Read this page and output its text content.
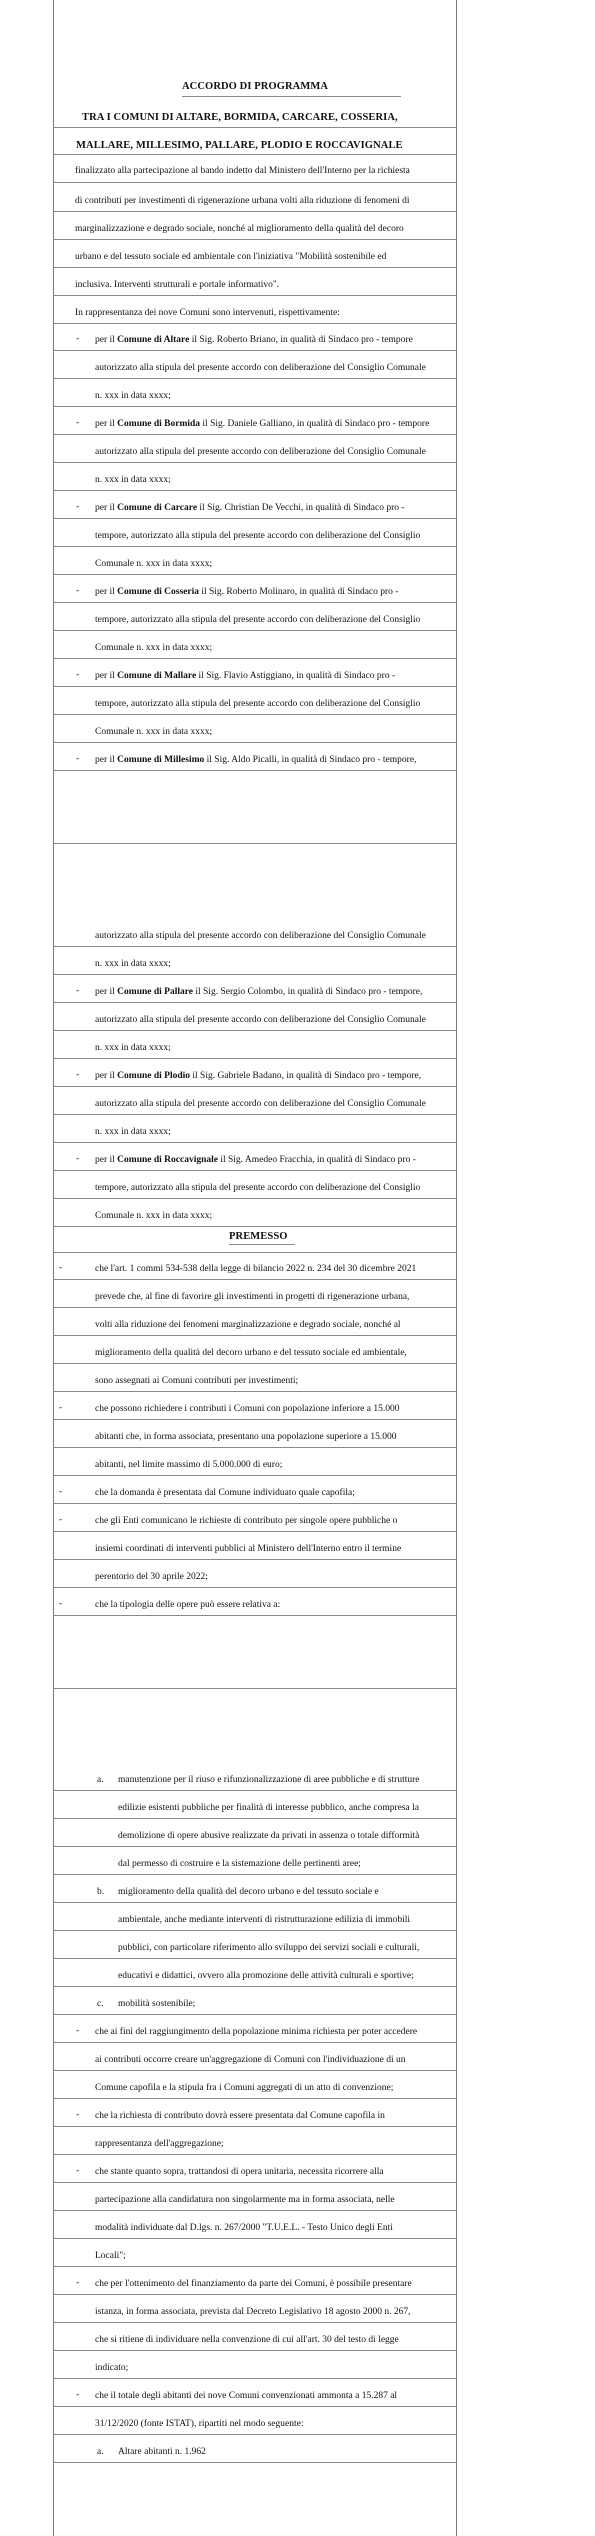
ACCORDO DI PROGRAMMA
TRA I COMUNI DI ALTARE, BORMIDA, CARCARE, COSSERIA,
MALLARE, MILLESIMO, PALLARE, PLODIO E ROCCAVIGNALE
finalizzato alla partecipazione al bando indetto dal Ministero dell'Interno per la richiesta
di contributi per investimenti di rigenerazione urbana volti alla riduzione di fenomeni di
marginalizzazione e degrado sociale, nonché al miglioramento della qualità del decoro
urbano e del tessuto sociale ed ambientale con l'iniziativa "Mobilità sostenibile ed
inclusiva. Interventi strutturali e portale informativo".
In rappresentanza dei nove Comuni sono intervenuti, rispettivamente:
- per il Comune di Altare il Sig. Roberto Briano, in qualità di Sindaco pro - tempore
autorizzato alla stipula del presente accordo con deliberazione del Consiglio Comunale
n. xxx in data xxxx;
- per il Comune di Bormida il Sig. Daniele Galliano, in qualità di Sindaco pro - tempore
autorizzato alla stipula del presente accordo con deliberazione del Consiglio Comunale
n. xxx in data xxxx;
- per il Comune di Carcare il Sig. Christian De Vecchi, in qualità di Sindaco pro -
tempore, autorizzato alla stipula del presente accordo con deliberazione del Consiglio
Comunale n. xxx in data xxxx;
- per il Comune di Cosseria il Sig. Roberto Molinaro, in qualità di Sindaco pro -
tempore, autorizzato alla stipula del presente accordo con deliberazione del Consiglio
Comunale n. xxx in data xxxx;
- per il Comune di Mallare il Sig. Flavio Astiggiano, in qualità di Sindaco pro -
tempore, autorizzato alla stipula del presente accordo con deliberazione del Consiglio
Comunale n. xxx in data xxxx;
- per il Comune di Millesimo il Sig. Aldo Picalli, in qualità di Sindaco pro - tempore,
autorizzato alla stipula del presente accordo con deliberazione del Consiglio Comunale
n. xxx in data xxxx;
- per il Comune di Pallare il Sig. Sergio Colombo, in qualità di Sindaco pro - tempore,
autorizzato alla stipula del presente accordo con deliberazione del Consiglio Comunale
n. xxx in data xxxx;
- per il Comune di Plodio il Sig. Gabriele Badano, in qualità di Sindaco pro - tempore,
autorizzato alla stipula del presente accordo con deliberazione del Consiglio Comunale
n. xxx in data xxxx;
- per il Comune di Roccavignale il Sig. Amedeo Fracchia, in qualità di Sindaco pro -
tempore, autorizzato alla stipula del presente accordo con deliberazione del Consiglio
Comunale n. xxx in data xxxx;
PREMESSO
-	che l'art. 1 commi 534-538 della legge di bilancio 2022 n. 234 del 30 dicembre 2021
prevede che, al fine di favorire gli investimenti in progetti di rigenerazione urbana,
volti alla riduzione dei fenomeni marginalizzazione e degrado sociale, nonché al
miglioramento della qualità del decoro urbano e del tessuto sociale ed ambientale,
sono assegnati ai Comuni contributi per investimenti;
-	che possono richiedere i contributi i Comuni con popolazione inferiore a 15.000
abitanti che, in forma associata, presentano una popolazione superiore a 15.000
abitanti, nel limite massimo di 5.000.000 di euro;
-	che la domanda è presentata dal Comune individuato quale capofila;
-	che gli Enti comunicano le richieste di contributo per singole opere pubbliche o
insiemi coordinati di interventi pubblici al Ministero dell'Interno entro il termine
perentorio del 30 aprile 2022;
-	che la tipologia delle opere può essere relativa a:
a. manutenzione per il riuso e rifunzionalizzazione di aree pubbliche e di strutture
edilizie esistenti pubbliche per finalità di interesse pubblico, anche compresa la
demolizione di opere abusive realizzate da privati in assenza o totale difformità
dal permesso di costruire e la sistemazione delle pertinenti aree;
b. miglioramento della qualità del decoro urbano e del tessuto sociale e
ambientale, anche mediante interventi di ristrutturazione edilizia di immobili
pubblici, con particolare riferimento allo sviluppo dei servizi sociali e culturali,
educativi e didattici, ovvero alla promozione delle attività culturali e sportive;
c. mobilità sostenibile;
- che ai fini del raggiungimento della popolazione minima richiesta per poter accedere
ai contributi occorre creare un'aggregazione di Comuni con l'individuazione di un
Comune capofila e la stipula fra i Comuni aggregati di un atto di convenzione;
- che la richiesta di contributo dovrà essere presentata dal Comune capofila in
rappresentanza dell'aggregazione;
- che stante quanto sopra, trattandosi di opera unitaria, necessita ricorrere alla
partecipazione alla candidatura non singolarmente ma in forma associata, nelle
modalità individuate dal D.lgs. n. 267/2000 "T.U.E.L. - Testo Unico degli Enti
Locali";
- che per l'ottenimento del finanziamento da parte dei Comuni, è possibile presentare
istanza, in forma associata, prevista dal Decreto Legislativo 18 agosto 2000 n. 267,
che si ritiene di individuare nella convenzione di cui all'art. 30 del testo di legge
indicato;
- che il totale degli abitanti dei nove Comuni convenzionati ammonta a 15.287 al
31/12/2020 (fonte ISTAT), ripartiti nel modo seguente:
a. Altare abitanti n. 1.962
